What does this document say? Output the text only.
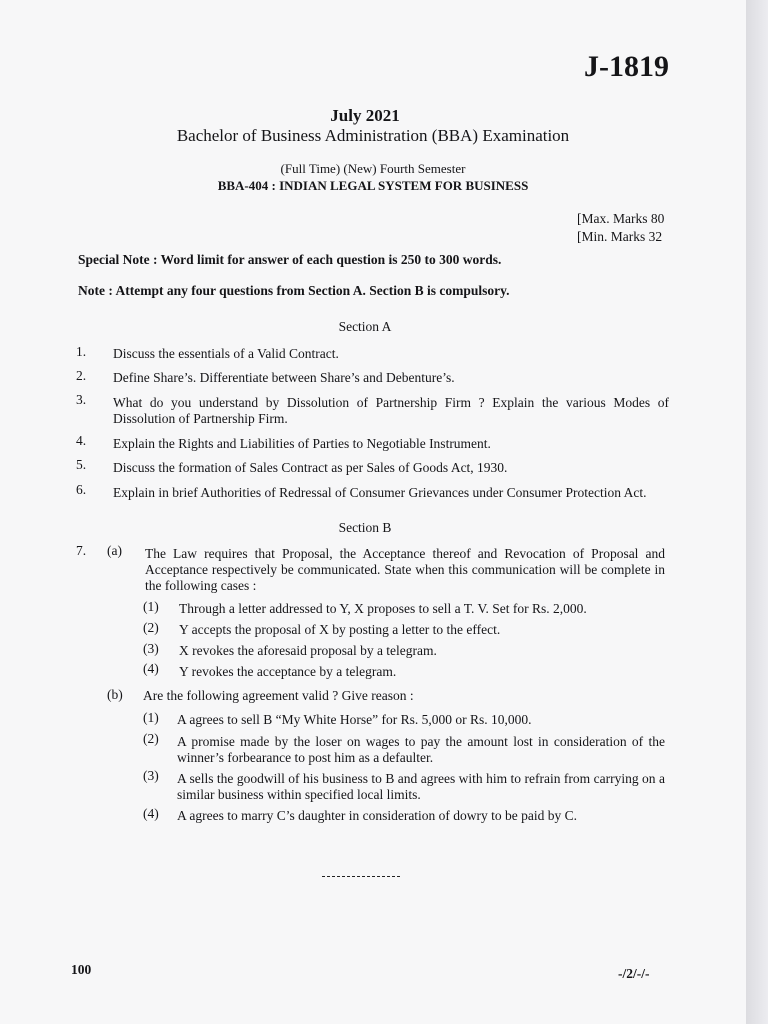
J-1819
July 2021
Bachelor of Business Administration (BBA) Examination
(Full Time) (New) Fourth Semester
BBA-404 : INDIAN LEGAL SYSTEM FOR BUSINESS
[Max. Marks 80
[Min. Marks 32
Special Note : Word limit for answer of each question is 250 to 300 words.
Note : Attempt any four questions from Section A. Section B is compulsory.
Section A
1. Discuss the essentials of a Valid Contract.
2. Define Share’s. Differentiate between Share’s and Debenture’s.
3. What do you understand by Dissolution of Partnership Firm ? Explain the various Modes of Dissolution of Partnership Firm.
4. Explain the Rights and Liabilities of Parties to Negotiable Instrument.
5. Discuss the formation of Sales Contract as per Sales of Goods Act, 1930.
6. Explain in brief Authorities of Redressal of Consumer Grievances under Consumer Protection Act.
Section B
7. (a) The Law requires that Proposal, the Acceptance thereof and Revocation of Proposal and Acceptance respectively be communicated. State when this communication will be complete in the following cases :
(1) Through a letter addressed to Y, X proposes to sell a T. V. Set for Rs. 2,000.
(2) Y accepts the proposal of X by posting a letter to the effect.
(3) X revokes the aforesaid proposal by a telegram.
(4) Y revokes the acceptance by a telegram.
(b) Are the following agreement valid ? Give reason :
(1) A agrees to sell B “My White Horse” for Rs. 5,000 or Rs. 10,000.
(2) A promise made by the loser on wages to pay the amount lost in consideration of the winner’s forbearance to post him as a defaulter.
(3) A sells the goodwill of his business to B and agrees with him to refrain from carrying on a similar business within specified local limits.
(4) A agrees to marry C’s daughter in consideration of dowry to be paid by C.
100	-/2/-/-
